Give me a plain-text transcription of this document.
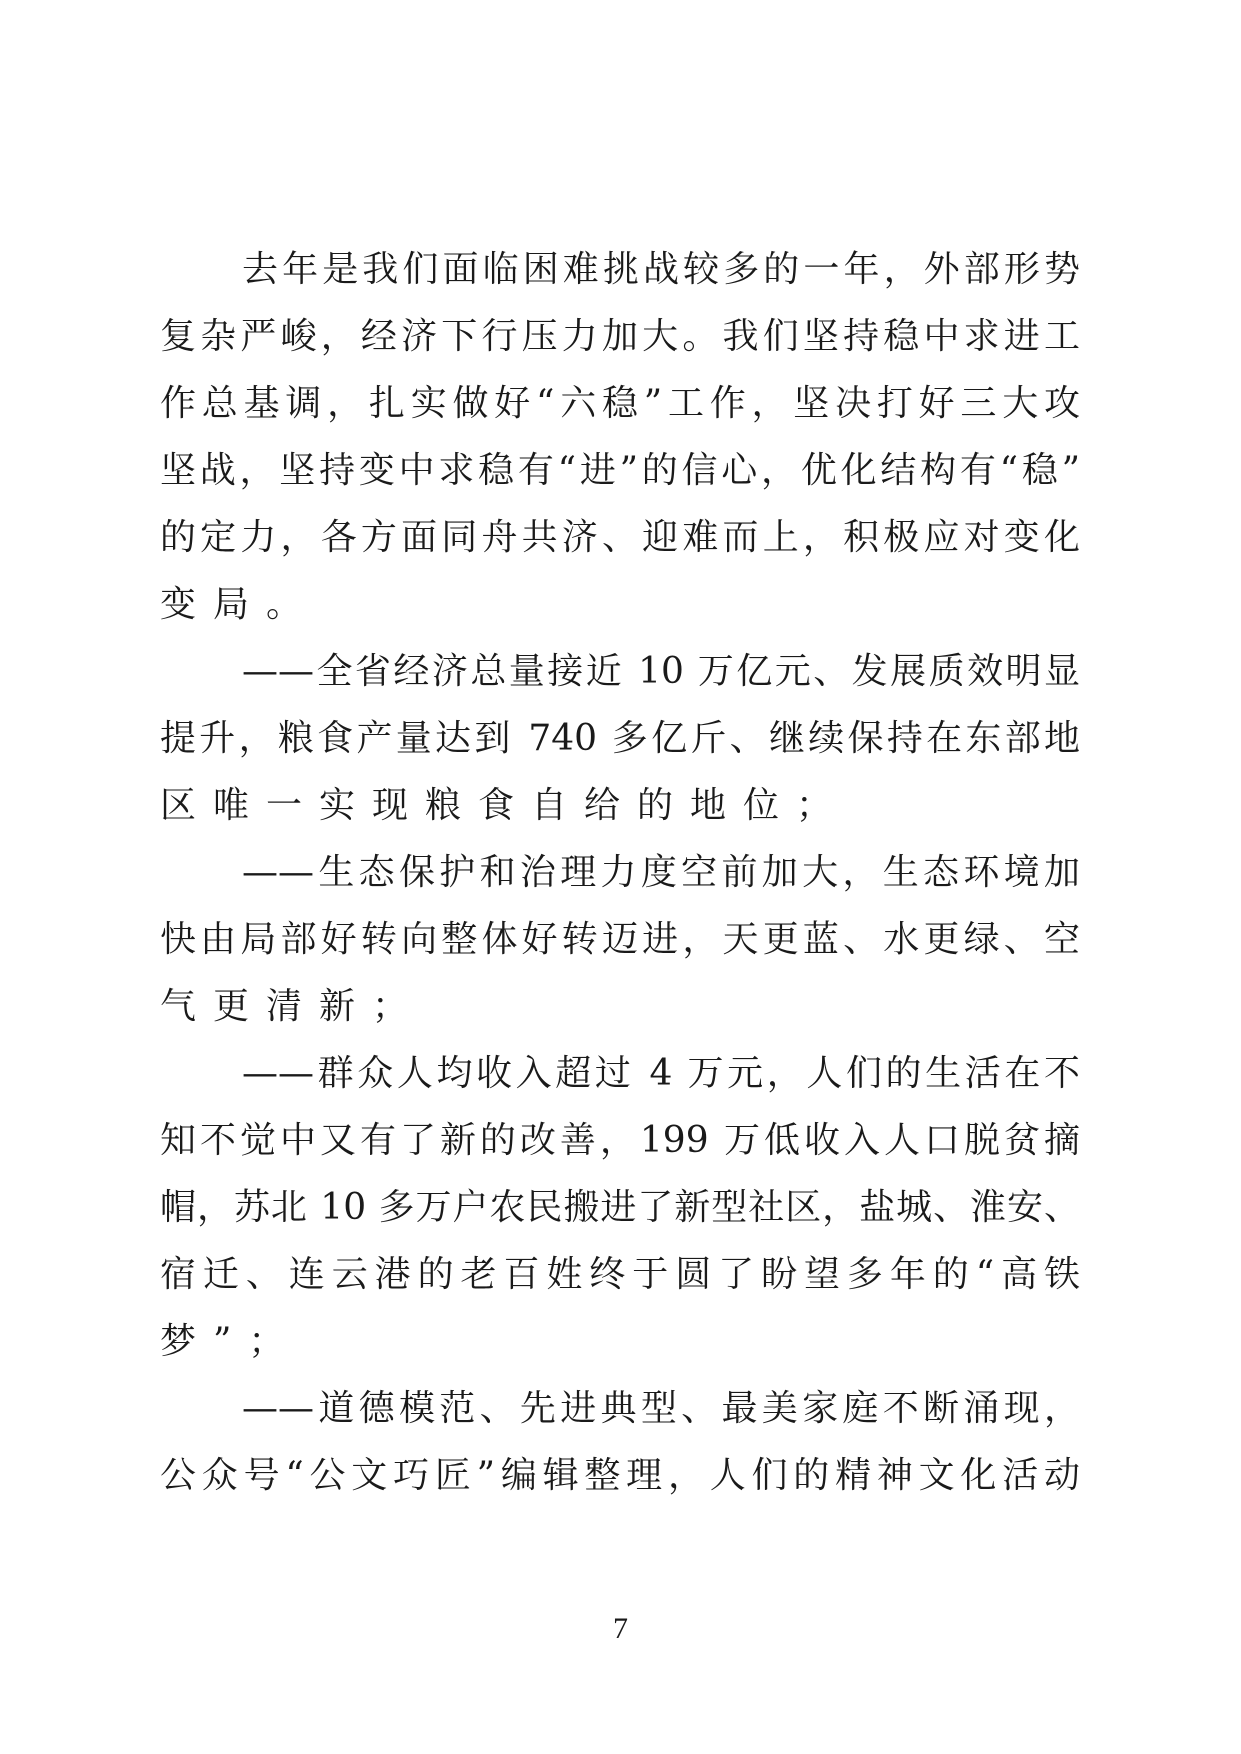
去年是我们面临困难挑战较多的一年，外部形势
复杂严峻，经济下行压力加大。我们坚持稳中求进工
作总基调，扎实做好“六稳”工作，坚决打好三大攻
坚战，坚持变中求稳有“进”的信心，优化结构有“稳”
的定力，各方面同舟共济、迎难而上，积极应对变化
变局。
——全省经济总量接近 10 万亿元、发展质效明显
提升，粮食产量达到 740 多亿斤、继续保持在东部地
区唯一实现粮食自给的地位；
——生态保护和治理力度空前加大，生态环境加
快由局部好转向整体好转迈进，天更蓝、水更绿、空
气更清新；
——群众人均收入超过 4 万元，人们的生活在不
知不觉中又有了新的改善，199 万低收入人口脱贫摘
帽，苏北 10 多万户农民搬进了新型社区，盐城、淮安、
宿迁、连云港的老百姓终于圆了盼望多年的“高铁
梦”；
——道德模范、先进典型、最美家庭不断涌现，
公众号“公文巧匠”编辑整理，人们的精神文化活动
7
